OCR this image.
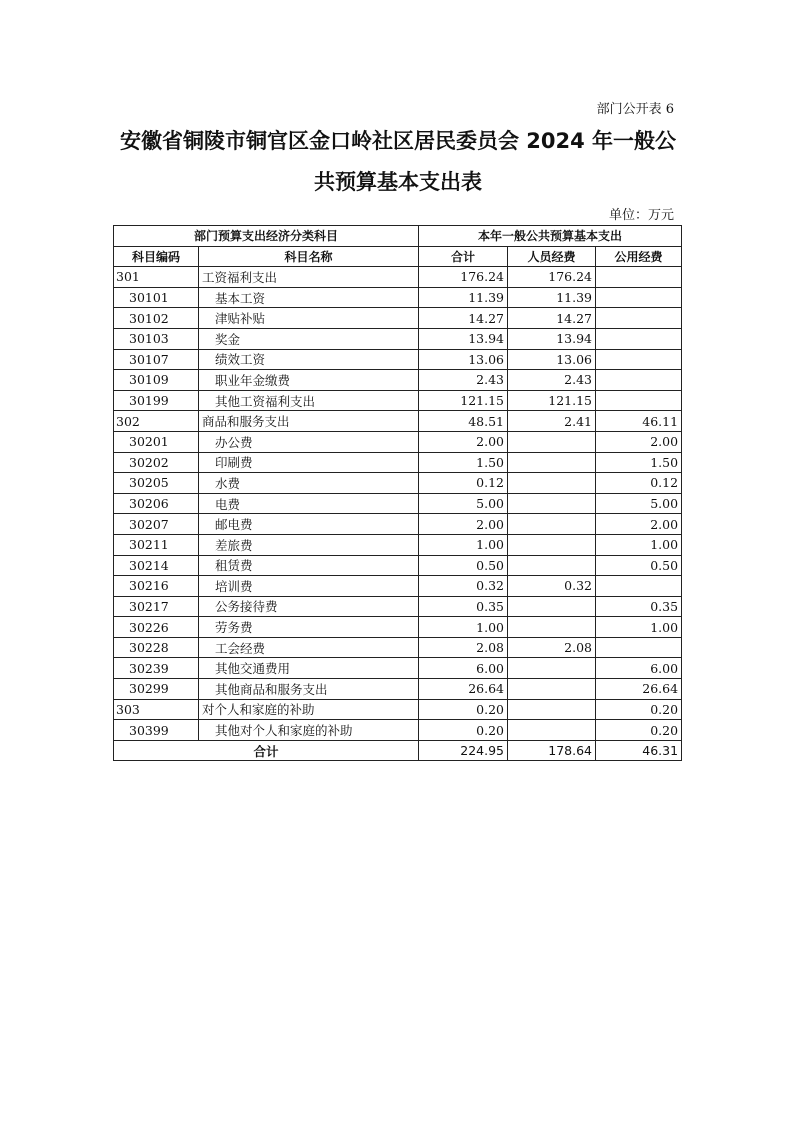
部门公开表 6
安徽省铜陵市铜官区金口岭社区居民委员会 2024 年一般公
共预算基本支出表
单位：万元
部门预算支出经济分类科目		本年一般公共预算基本支出		
科目编码	科目名称	合计	人员经费	公用经费
301	工资福利支出	176.24	176.24	
30101	基本工资	11.39	11.39	
30102	津贴补贴	14.27	14.27	
30103	奖金	13.94	13.94	
30107	绩效工资	13.06	13.06	
30109	职业年金缴费	2.43	2.43	
30199	其他工资福利支出	121.15	121.15	
302	商品和服务支出	48.51	2.41	46.11
30201	办公费	2.00		2.00
30202	印刷费	1.50		1.50
30205	水费	0.12		0.12
30206	电费	5.00		5.00
30207	邮电费	2.00		2.00
30211	差旅费	1.00		1.00
30214	租赁费	0.50		0.50
30216	培训费	0.32	0.32	
30217	公务接待费	0.35		0.35
30226	劳务费	1.00		1.00
30228	工会经费	2.08	2.08	
30239	其他交通费用	6.00		6.00
30299	其他商品和服务支出	26.64		26.64
303	对个人和家庭的补助	0.20		0.20
30399	其他对个人和家庭的补助	0.20		0.20
合计		224.95	178.64	46.31
